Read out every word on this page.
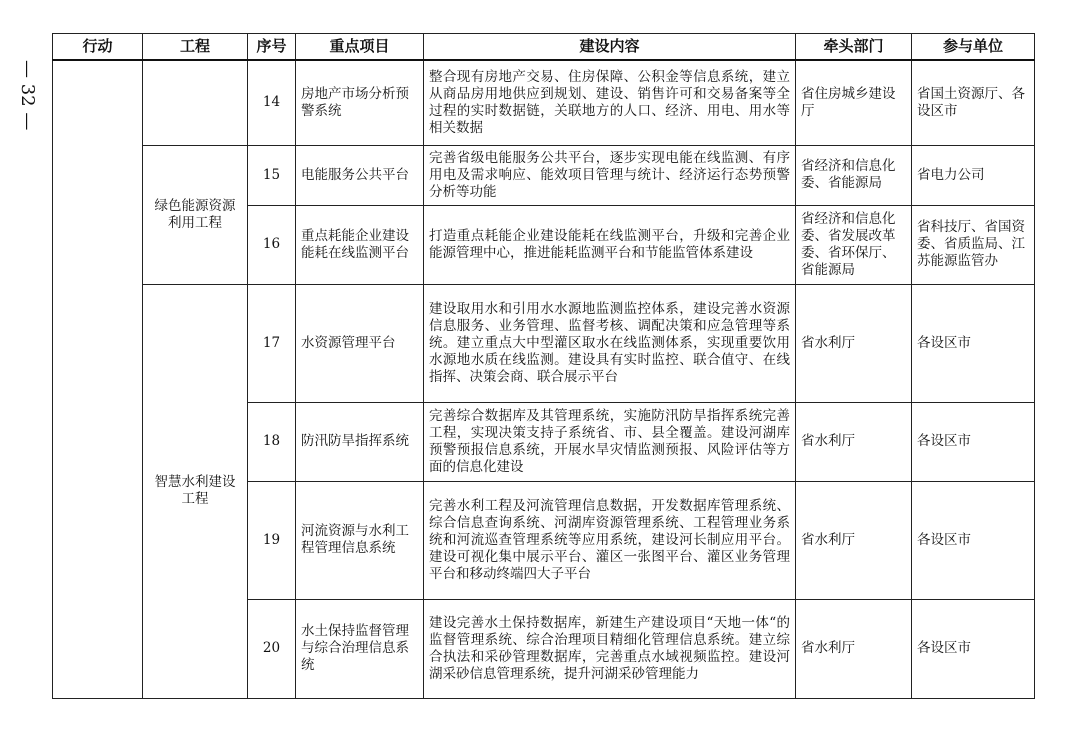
— 32 —
行动	工程	序号	重点项目	建设内容	牵头部门	参与单位
		14	房地产市场分析预警系统	整合现有房地产交易、住房保障、公积金等信息系统，建立从商品房用地供应到规划、建设、销售许可和交易备案等全过程的实时数据链，关联地方的人口、经济、用电、用水等相关数据	省住房城乡建设厅	省国土资源厅、各设区市
	绿色能源资源利用工程	15	电能服务公共平台	完善省级电能服务公共平台，逐步实现电能在线监测、有序用电及需求响应、能效项目管理与统计、经济运行态势预警分析等功能	省经济和信息化委、省能源局	省电力公司
		16	重点耗能企业建设能耗在线监测平台	打造重点耗能企业建设能耗在线监测平台，升级和完善企业能源管理中心，推进能耗监测平台和节能监管体系建设	省经济和信息化委、省发展改革委、省环保厅、省能源局	省科技厅、省国资委、省质监局、江苏能源监管办
	智慧水利建设工程	17	水资源管理平台	建设取用水和引用水水源地监测监控体系，建设完善水资源信息服务、业务管理、监督考核、调配决策和应急管理等系统。建立重点大中型灌区取水在线监测体系，实现重要饮用水源地水质在线监测。建设具有实时监控、联合值守、在线指挥、决策会商、联合展示平台	省水利厅	各设区市
		18	防汛防旱指挥系统	完善综合数据库及其管理系统，实施防汛防旱指挥系统完善工程，实现决策支持子系统省、市、县全覆盖。建设河湖库预警预报信息系统，开展水旱灾情监测预报、风险评估等方面的信息化建设	省水利厅	各设区市
		19	河流资源与水利工程管理信息系统	完善水利工程及河流管理信息数据，开发数据库管理系统、综合信息查询系统、河湖库资源管理系统、工程管理业务系统和河流巡查管理系统等应用系统，建设河长制应用平台。建设可视化集中展示平台、灌区一张图平台、灌区业务管理平台和移动终端四大子平台	省水利厅	各设区市
		20	水土保持监督管理与综合治理信息系统	建设完善水土保持数据库，新建生产建设项目“天地一体“的监督管理系统、综合治理项目精细化管理信息系统。建立综合执法和采砂管理数据库，完善重点水域视频监控。建设河湖采砂信息管理系统，提升河湖采砂管理能力	省水利厅	各设区市
